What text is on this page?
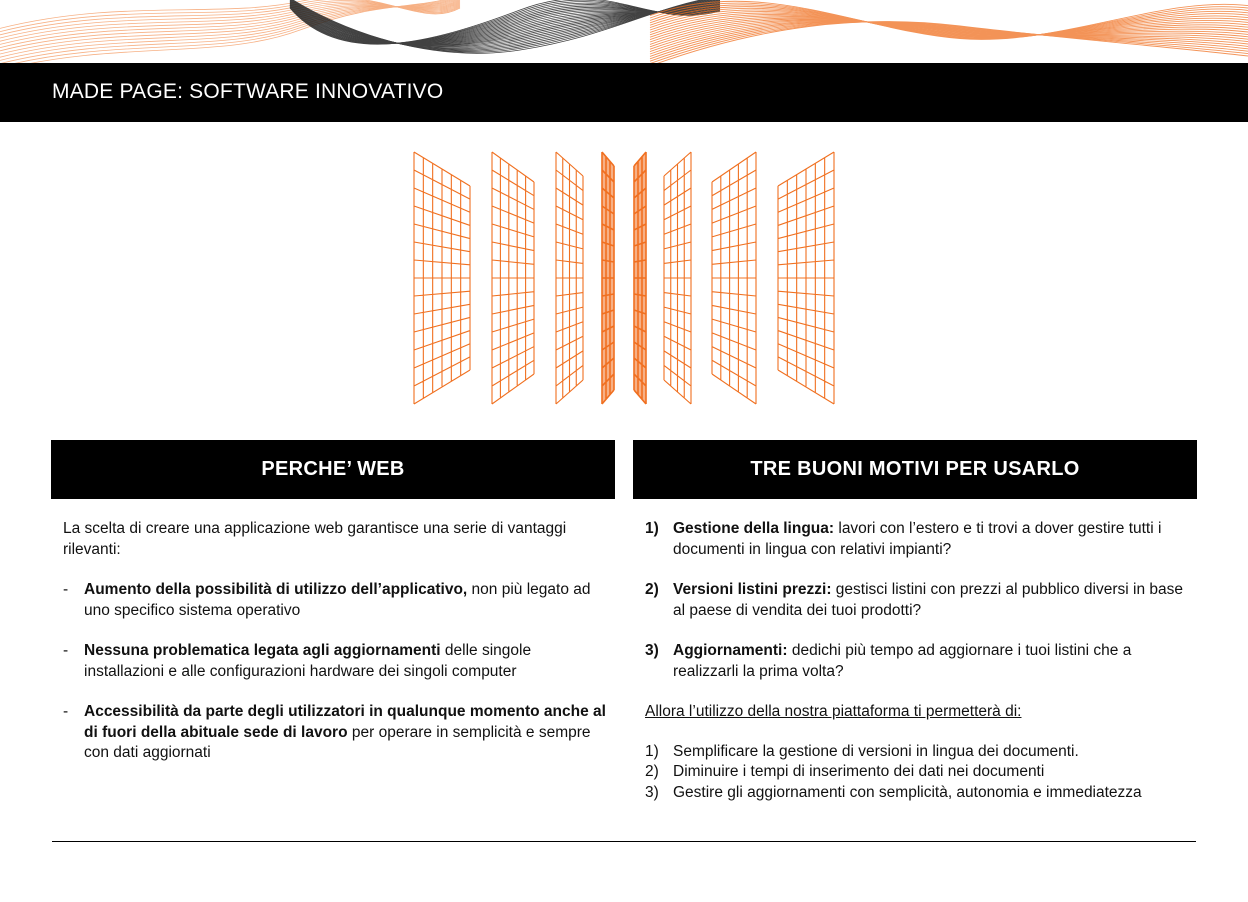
MADE PAGE: SOFTWARE INNOVATIVO
PERCHE’ WEB	TRE BUONI MOTIVI PER USARLO

La scelta di creare una applicazione web garantisce una serie di vantaggi rilevanti:

- Aumento della possibilità di utilizzo dell’applicativo, non più legato ad uno specifico sistema operativo
- Nessuna problematica legata agli aggiornamenti delle singole installazioni e alle configurazioni hardware dei singoli computer
- Accessibilità da parte degli utilizzatori in qualunque momento anche al di fuori della abituale sede di lavoro per operare in semplicità e sempre con dati aggiornati
1) Gestione della lingua: lavori con l’estero e ti trovi a dover gestire tutti i documenti in lingua con relativi impianti?
2) Versioni listini prezzi: gestisci listini con prezzi al pubblico diversi in base al paese di vendita dei tuoi prodotti?
3) Aggiornamenti: dedichi più tempo ad aggiornare i tuoi listini che a realizzarli la prima volta?

Allora l’utilizzo della nostra piattaforma ti permetterà di:

1) Semplificare la gestione di versioni in lingua dei documenti.
2) Diminuire i tempi di inserimento dei dati nei documenti
3) Gestire gli aggiornamenti con semplicità, autonomia e immediatezza
